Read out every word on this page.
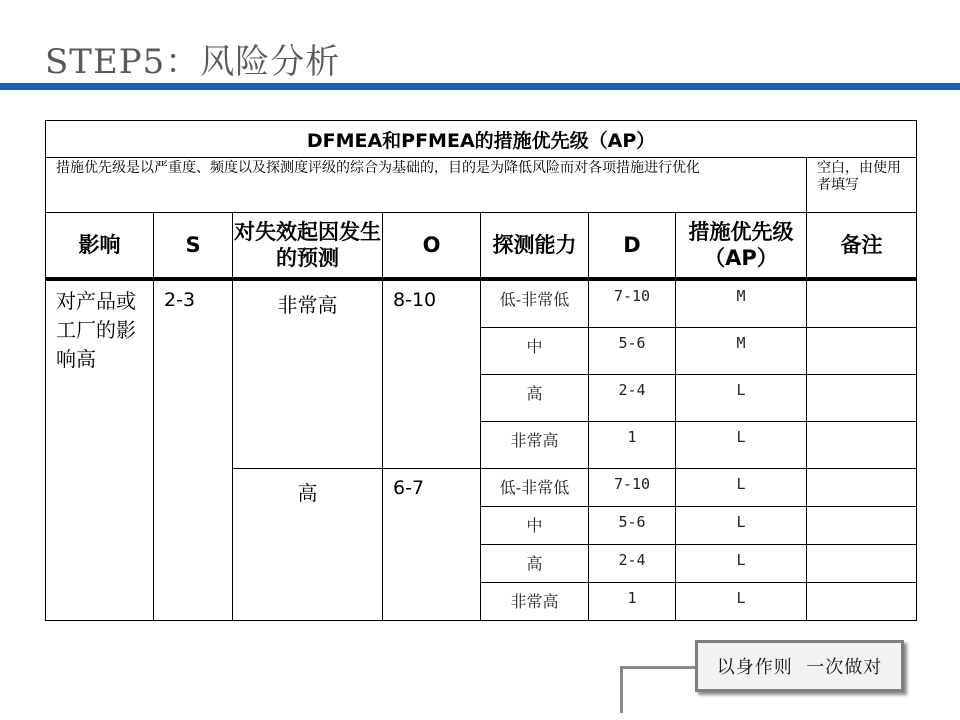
STEP5：风险分析
DFMEA和PFMEA的措施优先级（AP）							
措施优先级是以严重度、频度以及探测度评级的综合为基础的，目的是为降低风险而对各项措施进行优化							空白，由使用者填写
影响	S	对失效起因发生的预测	O	探测能力	D	措施优先级（AP）	备注
对产品或工厂的影响高	2-3	非常高	8-10	低-非常低	7-10	M	
				中	5-6	M	
				高	2-4	L	
				非常高	1	L	
		高	6-7	低-非常低	7-10	L	
				中	5-6	L	
				高	2-4	L	
				非常高	1	L	
以身作则  一次做对
